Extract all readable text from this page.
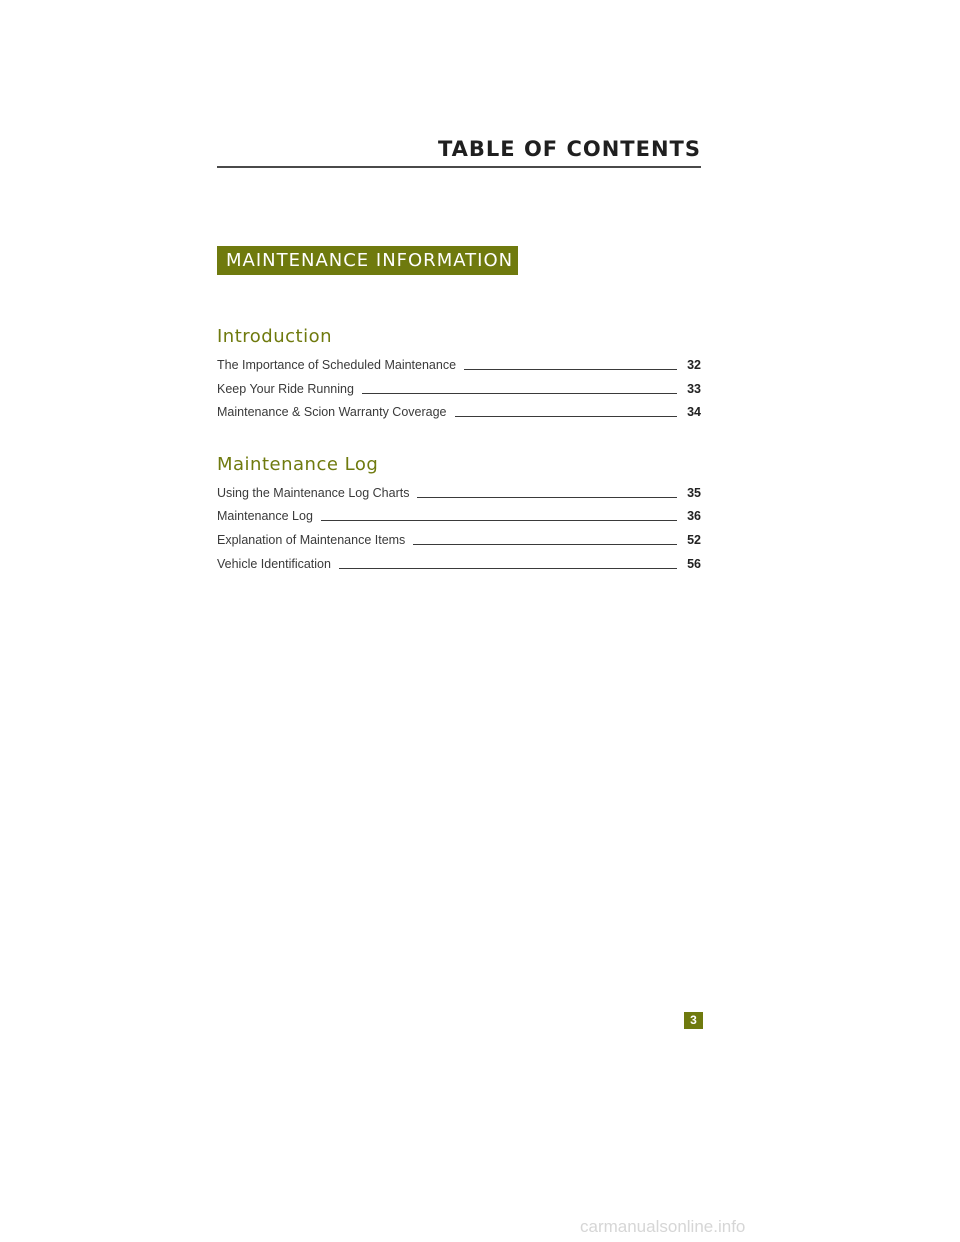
TABLE OF CONTENTS
MAINTENANCE INFORMATION
Introduction
The Importance of Scheduled Maintenance	32
Keep Your Ride Running	33
Maintenance & Scion Warranty Coverage	34
Maintenance Log
Using the Maintenance Log Charts	35
Maintenance Log	36
Explanation of Maintenance Items	52
Vehicle Identification	56
3
carmanualsonline.info
